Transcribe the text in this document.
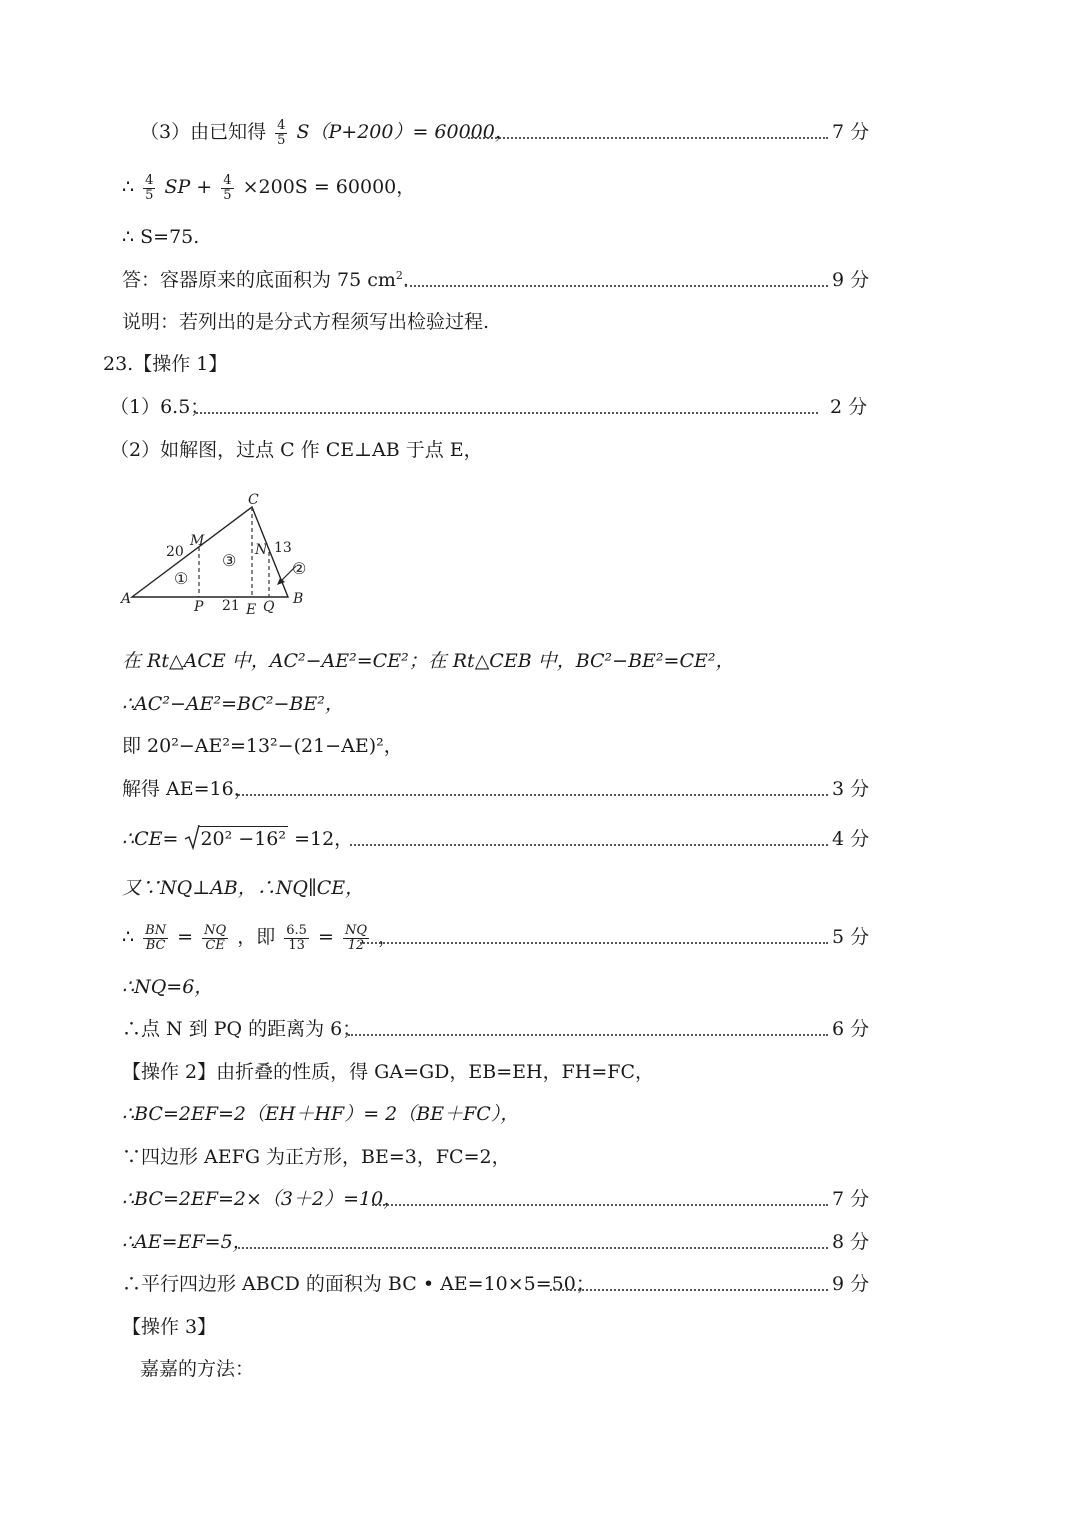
（3）由已知得 $\frac{4}{5} S(P+200)= 60000$，	7 分
∴ $\frac{4}{5}$ SP + $\frac{4}{5} \times 200S = 60000$，
∴ S=75.
答：容器原来的底面积为 75 $cm^2$.	9 分
说明：若列出的是分式方程须写出检验过程.
23.【操作 1】
（1）6.5；	2 分
（2）如解图，过点 C 作 CE⊥AB 于点 E，
A	B
C
M
N
P	E Q
20	13
21
①
②
③
在 Rt△ACE 中，AC²−AE²=CE²；在 Rt△CEB 中，BC²−BE²=CE²，
∴AC²−AE²=BC²−BE²，
即 20²−AE²=13²−(21−AE)²，
解得 AE=16，	3 分
∴CE= 20² −16² =12，	4 分
又∵NQ⊥AB，∴NQ∥CE，
∴ $\frac{BN}{BC} = \frac{NQ}{CE}$ ，即 $\frac{6.5}{13} = \frac{NQ}{12}$ ，	5 分
∴NQ=6，
∴点 N 到 PQ 的距离为 6；	6 分
【操作 2】由折叠的性质，得 GA=GD，EB=EH，FH=FC，
∴BC=2EF=2（EH＋HF）= 2（BE＋FC），
∵四边形 AEFG 为正方形，BE=3，FC=2，
∴BC=2EF=2×（3＋2）=10，	7 分
∴AE=EF=5，	8 分
∴平行四边形 ABCD 的面积为 BC • AE=10×5=50；	9 分
【操作 3】
嘉嘉的方法：
